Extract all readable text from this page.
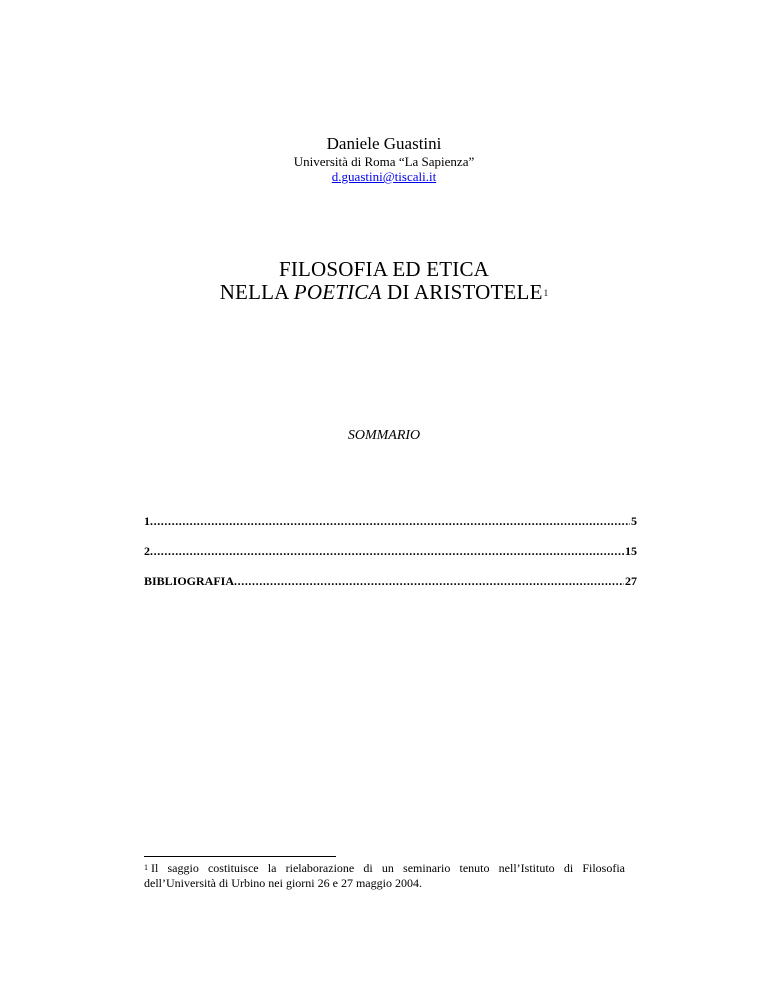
Daniele Guastini
Università di Roma “La Sapienza”
d.guastini@tiscali.it
FILOSOFIA ED ETICA
NELLA POETICA DI ARISTOTELE$^1$
SOMMARIO
1 .....	5
2 .....	15
BIBLIOGRAFIA .....	27
$^1$ Il saggio costituisce la rielaborazione di un seminario tenuto nell’Istituto di Filosofia dell’Università di Urbino nei giorni 26 e 27 maggio 2004.
